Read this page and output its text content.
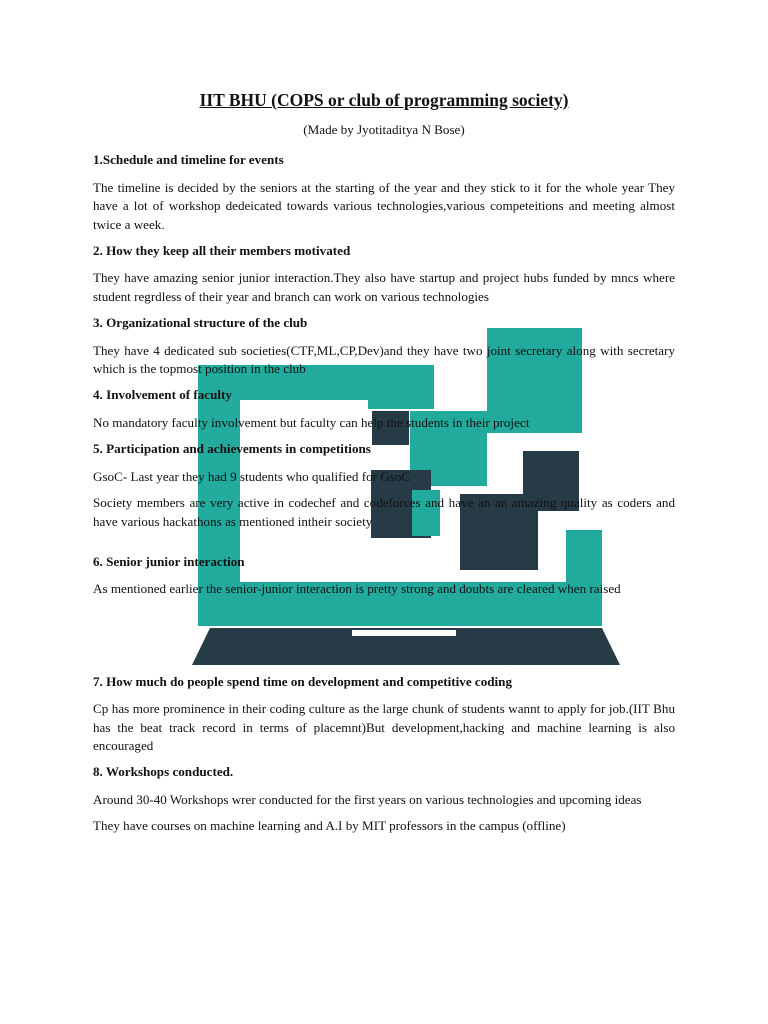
IIT BHU (COPS or club of programming society)
(Made by Jyotitaditya N Bose)
1.Schedule and timeline for events
The timeline is decided by the seniors at the starting of the year and they stick to it for the whole year They have a lot of workshop dedeicated towards various technologies,various competeitions and meeting almost twice a week.
2. How they keep all their members motivated
They have amazing senior junior interaction.They also have startup and project hubs funded by mncs where student regrdless of their year and branch can work on various technologies
3. Organizational structure of the club
They have 4 dedicated sub societies(CTF,ML,CP,Dev)and they have two joint secretary along with secretary which is the topmost position in the club
4. Involvement of faculty
No mandatory faculty involvement but faculty can help the students in their project
5. Participation and achievements in competitions
GsoC- Last year they had 9 students who qualified for GsoC
Society members are very active in codechef and codeforces and have an an amazing quality as coders and have various hackathons as mentioned intheir society
6. Senior junior interaction
As mentioned earlier the senior-junior interaction is pretty strong and doubts are cleared when raised
7. How much do people spend time on development and competitive coding
Cp has more prominence in their coding culture as the large chunk of students wannt to apply for job.(IIT Bhu has the beat track record in terms of placemnt)But development,hacking and machine learning is also encouraged
8. Workshops conducted.
Around 30-40 Workshops wrer conducted for the first years on various technologies and upcoming ideas
They have courses on machine learning and A.I by MIT professors in the campus (offline)
